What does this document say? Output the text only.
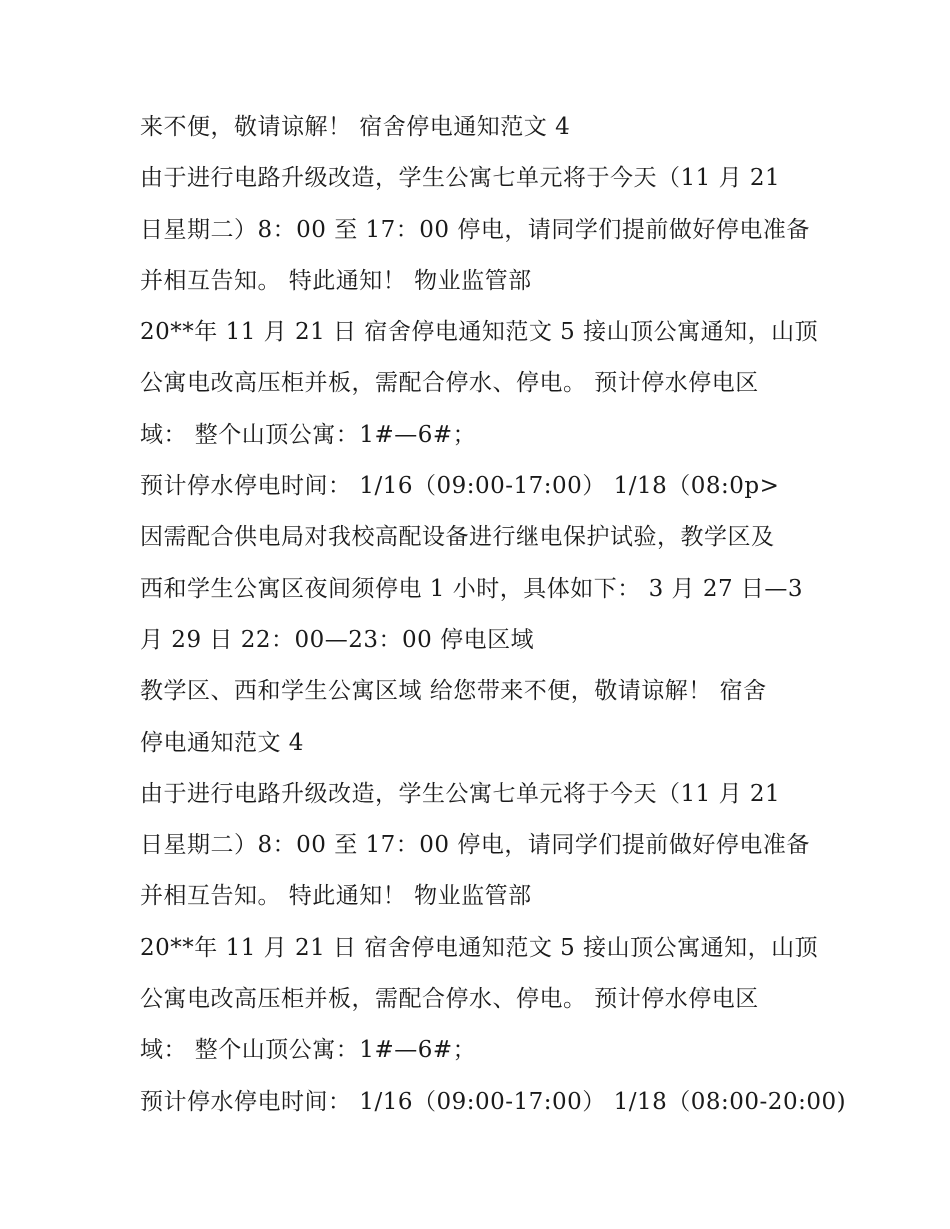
来不便，敬请谅解！ 宿舍停电通知范文 4
由于进行电路升级改造，学生公寓七单元将于今天（11 月 21
日星期二）8：00 至 17：00 停电，请同学们提前做好停电准备
并相互告知。 特此通知！ 物业监管部
20**年 11 月 21 日 宿舍停电通知范文 5 接山顶公寓通知，山顶
公寓电改高压柜并板，需配合停水、停电。 预计停水停电区
域： 整个山顶公寓：1#—6#；
预计停水停电时间： 1/16（09:00-17:00） 1/18（08:0p>
因需配合供电局对我校高配设备进行继电保护试验，教学区及
西和学生公寓区夜间须停电 1 小时，具体如下： 3 月 27 日—3
月 29 日 22：00—23：00 停电区域
教学区、西和学生公寓区域 给您带来不便，敬请谅解！ 宿舍
停电通知范文 4
由于进行电路升级改造，学生公寓七单元将于今天（11 月 21
日星期二）8：00 至 17：00 停电，请同学们提前做好停电准备
并相互告知。 特此通知！ 物业监管部
20**年 11 月 21 日 宿舍停电通知范文 5 接山顶公寓通知，山顶
公寓电改高压柜并板，需配合停水、停电。 预计停水停电区
域： 整个山顶公寓：1#—6#；
预计停水停电时间： 1/16（09:00-17:00） 1/18（08:00-20:00)
